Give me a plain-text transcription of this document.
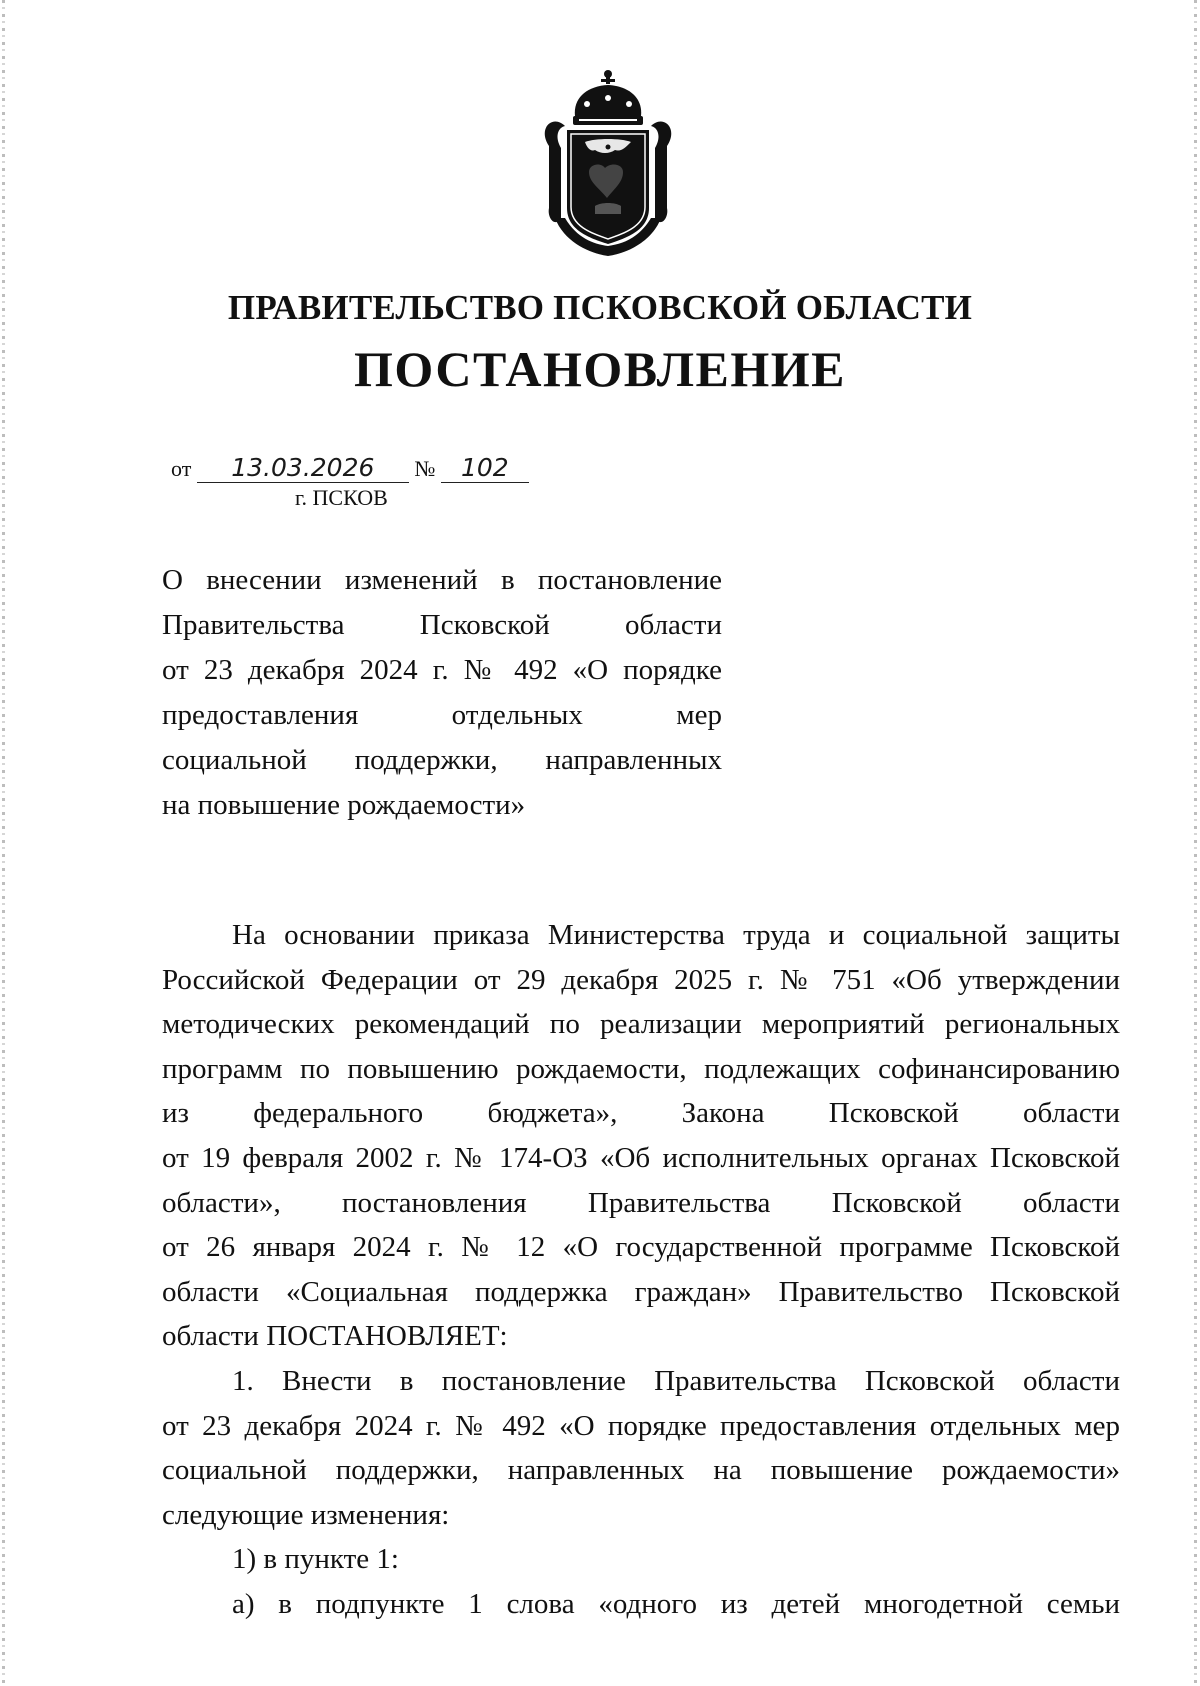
ПРАВИТЕЛЬСТВО ПСКОВСКОЙ ОБЛАСТИ
ПОСТАНОВЛЕНИЕ
от 13.03.2026 № 102
г. ПСКОВ
О внесении изменений в постановление
Правительства Псковской области
от 23 декабря 2024 г. № 492 «О порядке
предоставления отдельных мер
социальной поддержки, направленных
на повышение рождаемости»
На основании приказа Министерства труда и социальной защиты
Российской Федерации от 29 декабря 2025 г. № 751 «Об утверждении
методических рекомендаций по реализации мероприятий региональных
программ по повышению рождаемости, подлежащих софинансированию
из федерального бюджета», Закона Псковской области
от 19 февраля 2002 г. № 174-ОЗ «Об исполнительных органах Псковской
области», постановления Правительства Псковской области
от 26 января 2024 г. № 12 «О государственной программе Псковской
области «Социальная поддержка граждан» Правительство Псковской
области ПОСТАНОВЛЯЕТ:
1. Внести в постановление Правительства Псковской области
от 23 декабря 2024 г. № 492 «О порядке предоставления отдельных мер
социальной поддержки, направленных на повышение рождаемости»
следующие изменения:
1) в пункте 1:
а) в подпункте 1 слова «одного из детей многодетной семьи
